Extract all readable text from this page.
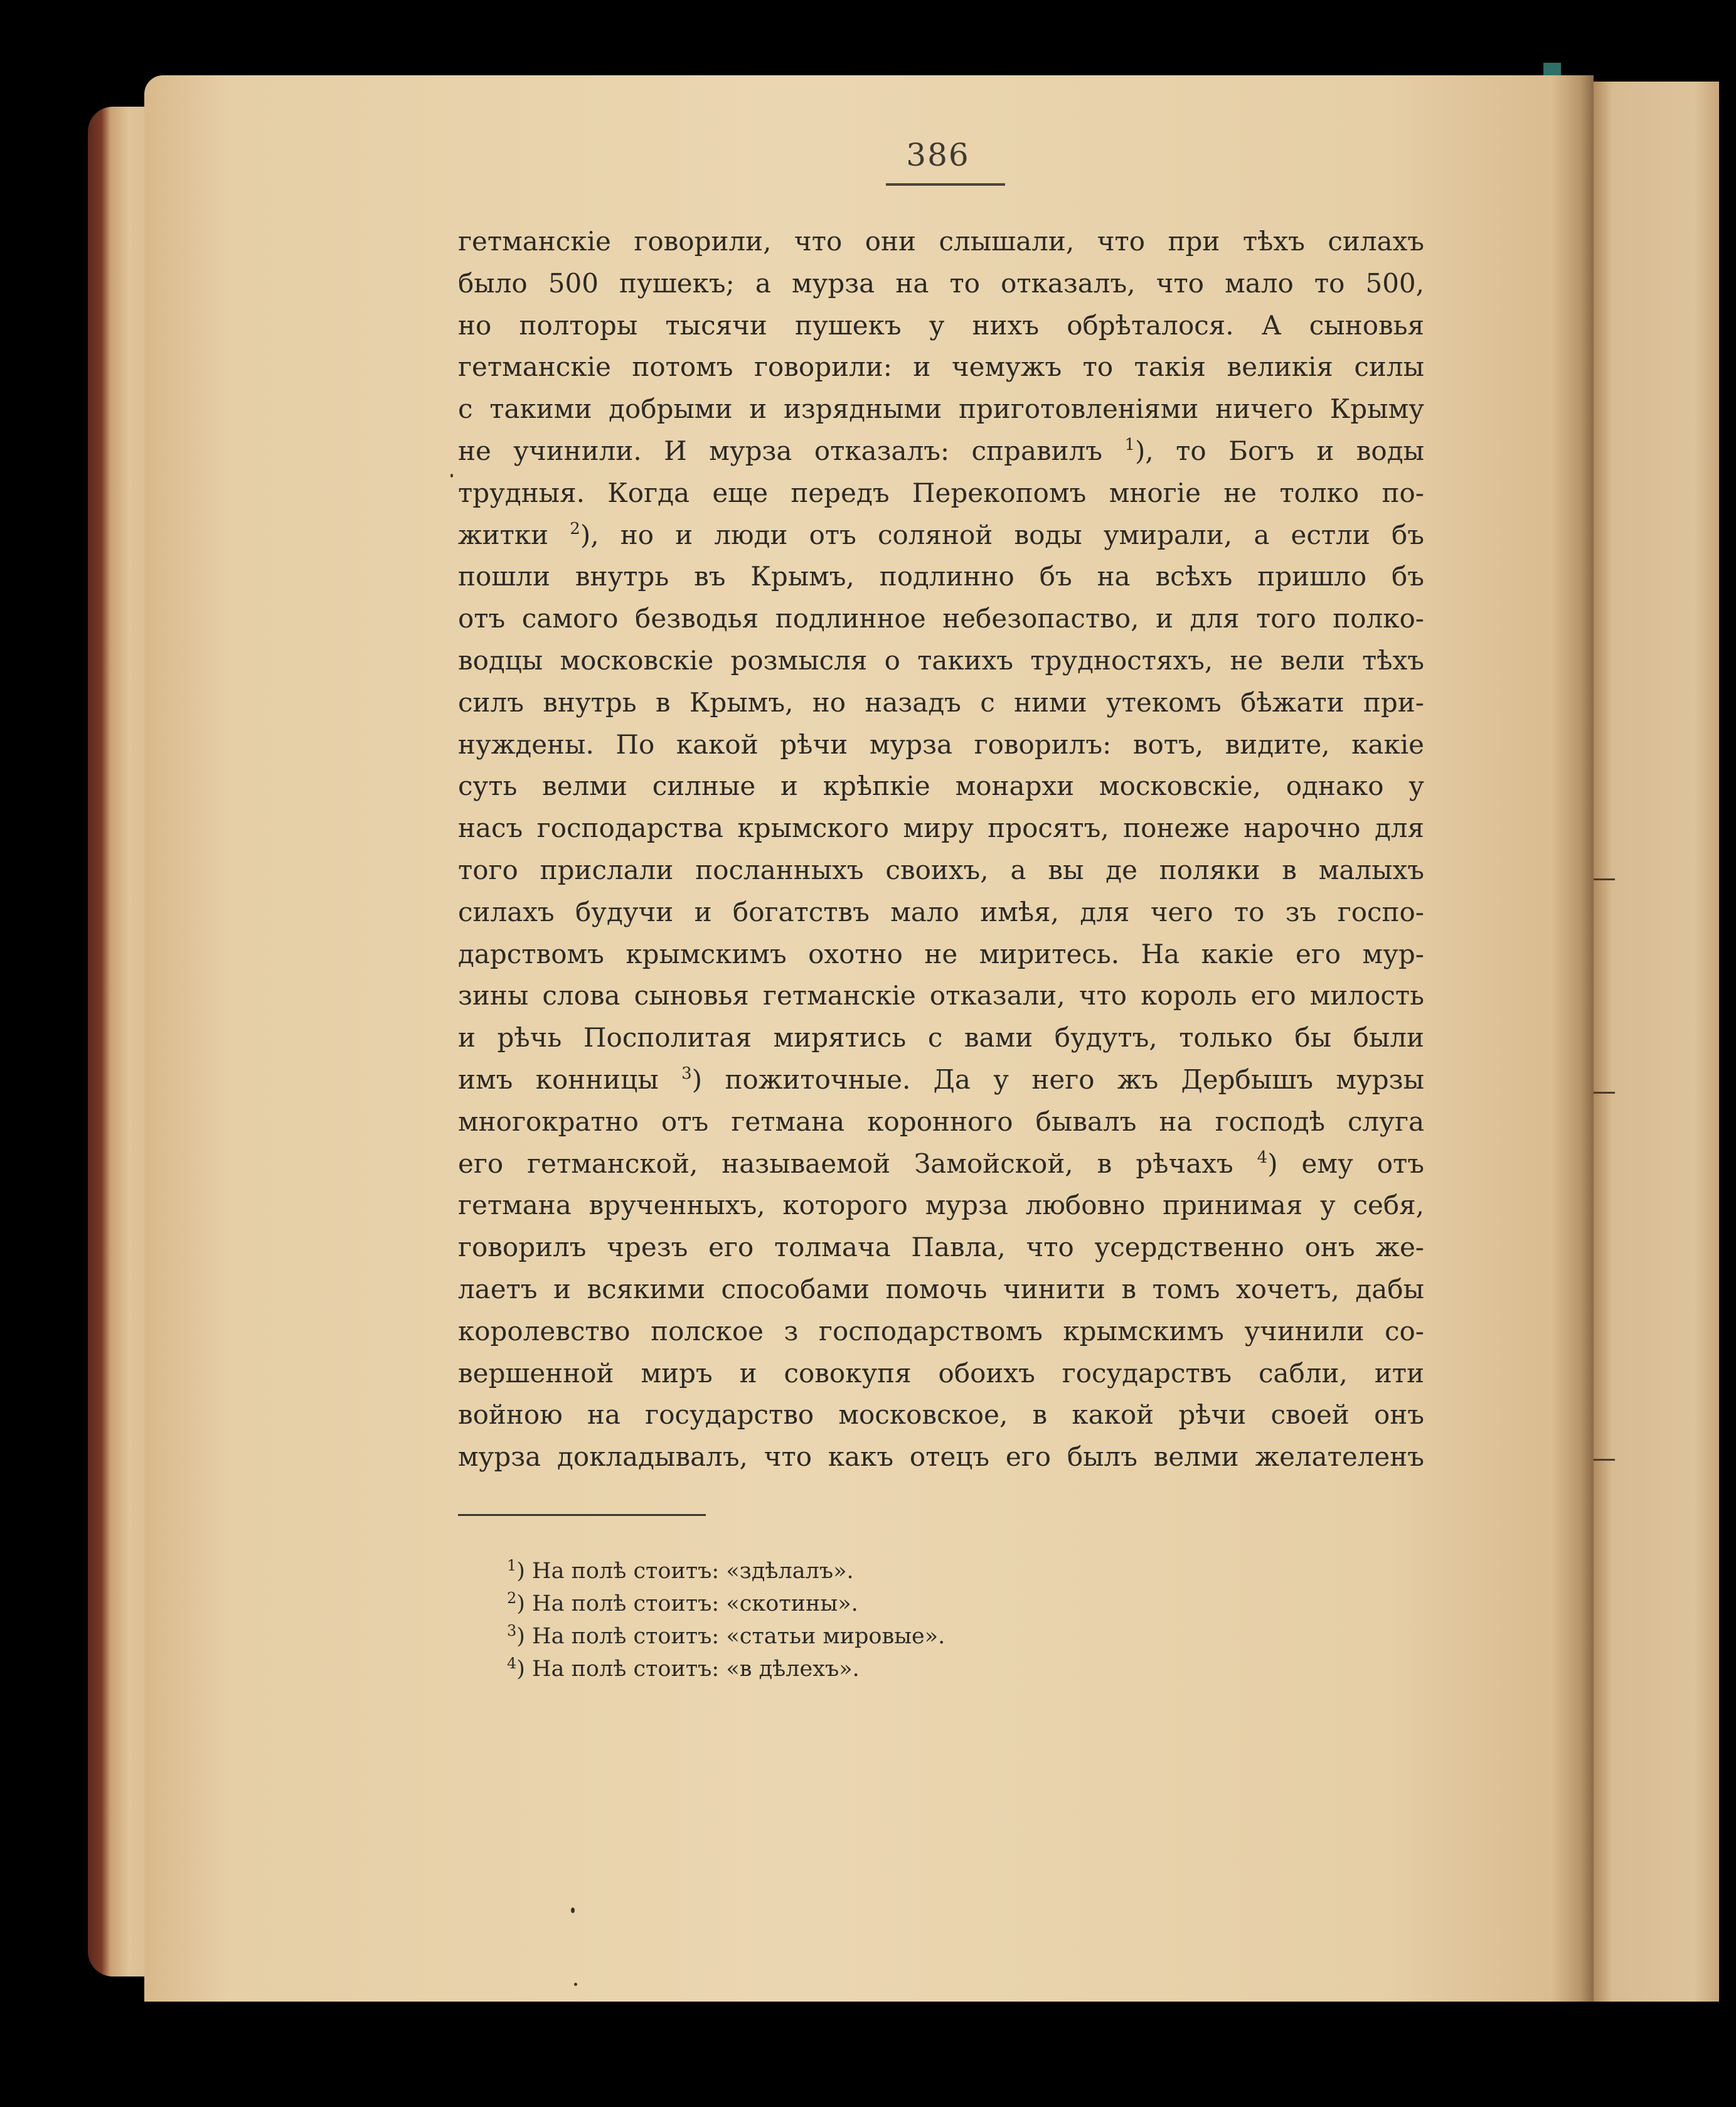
386
гетманскіе говорили, что они слышали, что при тѣхъ силахъ
было 500 пушекъ; а мурза на то отказалъ, что мало то 500,
но полторы тысячи пушекъ у нихъ обрѣталося. А сыновья
гетманскіе потомъ говорили: и чемужъ то такія великія силы
с такими добрыми и изрядными приготовленіями ничего Крыму
не учинили. И мурза отказалъ: справилъ $^1$), то Богъ и воды
трудныя. Когда еще передъ Перекопомъ многіе не толко по-
житки $^2$), но и люди отъ соляной воды умирали, а естли бъ
пошли внутрь въ Крымъ, подлинно бъ на всѣхъ пришло бъ
отъ самого безводья подлинное небезопаство, и для того полко-
водцы московскіе розмысля о такихъ трудностяхъ, не вели тѣхъ
силъ внутрь в Крымъ, но назадъ с ними утекомъ бѣжати при-
нуждены. По какой рѣчи мурза говорилъ: вотъ, видите, какіе
суть велми силные и крѣпкіе монархи московскіе, однако у
насъ господарства крымского миру просятъ, понеже нарочно для
того прислали посланныхъ своихъ, а вы де поляки в малыхъ
силахъ будучи и богатствъ мало имѣя, для чего то зъ госпо-
дарствомъ крымскимъ охотно не миритесь. На какіе его мур-
зины слова сыновья гетманскіе отказали, что король его милость
и рѣчь Посполитая мирятись с вами будутъ, только бы были
имъ конницы $^3$) пожиточные. Да у него жъ Дербышъ мурзы
многократно отъ гетмана коронного бывалъ на господѣ слуга
его гетманской, называемой Замойской, в рѣчахъ $^4$) ему отъ
гетмана врученныхъ, которого мурза любовно принимая у себя,
говорилъ чрезъ его толмача Павла, что усердственно онъ же-
лаетъ и всякими способами помочь чинити в томъ хочетъ, дабы
королевство полское з господарствомъ крымскимъ учинили со-
вершенной миръ и совокупя обоихъ государствъ сабли, ити
войною на государство московское, в какой рѣчи своей онъ
мурза докладывалъ, что какъ отецъ его былъ велми желателенъ
$^1$) На полѣ стоитъ: «здѣлалъ».
$^2$) На полѣ стоитъ: «скотины».
$^3$) На полѣ стоитъ: «статьи мировые».
$^4$) На полѣ стоитъ: «в дѣлехъ».
